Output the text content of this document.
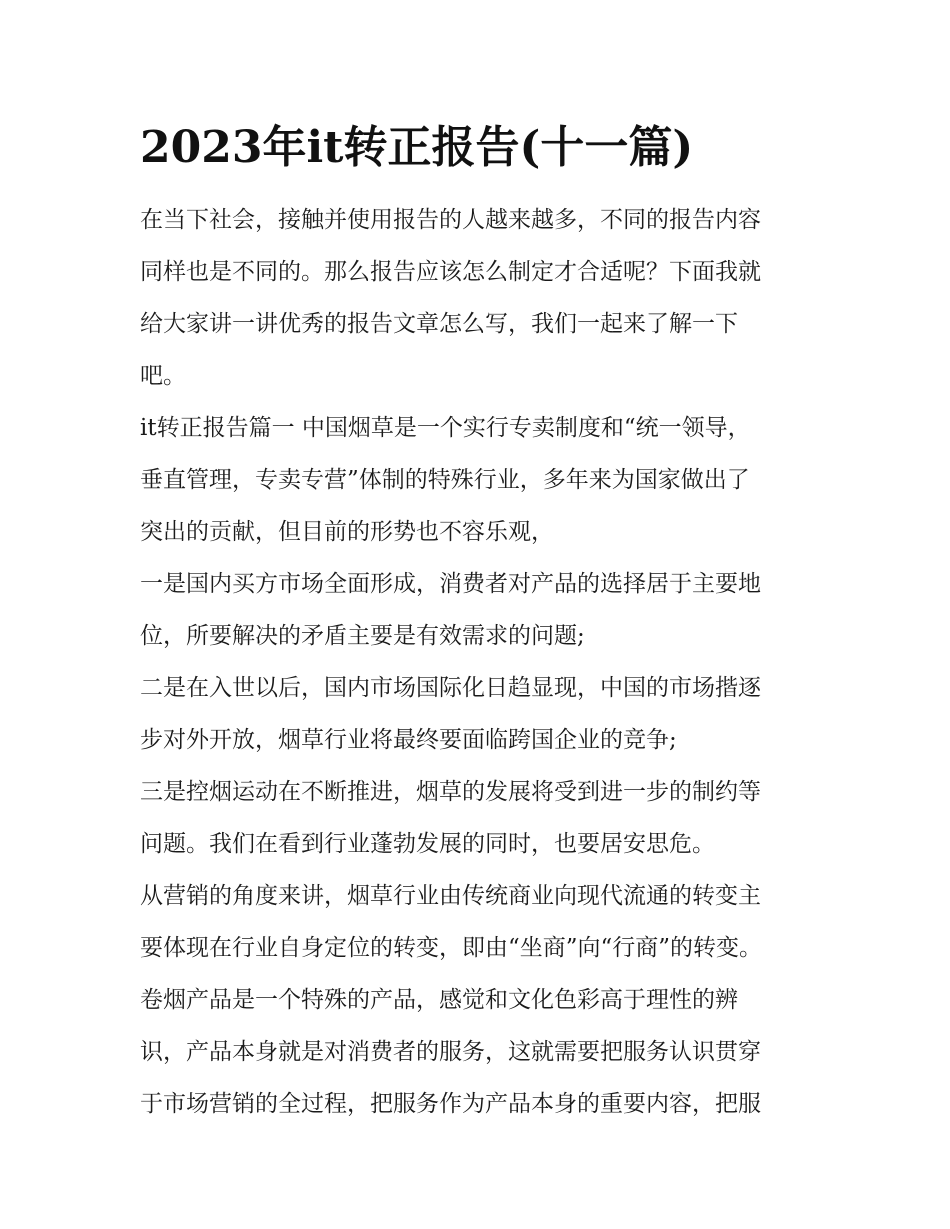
2023年it转正报告(十一篇)
在当下社会，接触并使用报告的人越来越多，不同的报告内容
同样也是不同的。那么报告应该怎么制定才合适呢？下面我就
给大家讲一讲优秀的报告文章怎么写，我们一起来了解一下
吧。
it转正报告篇一 中国烟草是一个实行专卖制度和“统一领导，
垂直管理，专卖专营”体制的特殊行业，多年来为国家做出了
突出的贡献，但目前的形势也不容乐观，
一是国内买方市场全面形成，消费者对产品的选择居于主要地
位，所要解决的矛盾主要是有效需求的问题;
二是在入世以后，国内市场国际化日趋显现，中国的市场揩逐
步对外开放，烟草行业将最终要面临跨国企业的竞争;
三是控烟运动在不断推进，烟草的发展将受到进一步的制约等
问题。我们在看到行业蓬勃发展的同时，也要居安思危。
从营销的角度来讲，烟草行业由传统商业向现代流通的转变主
要体现在行业自身定位的转变，即由“坐商”向“行商”的转变。
卷烟产品是一个特殊的产品，感觉和文化色彩高于理性的辨
识，产品本身就是对消费者的服务，这就需要把服务认识贯穿
于市场营销的全过程，把服务作为产品本身的重要内容，把服
